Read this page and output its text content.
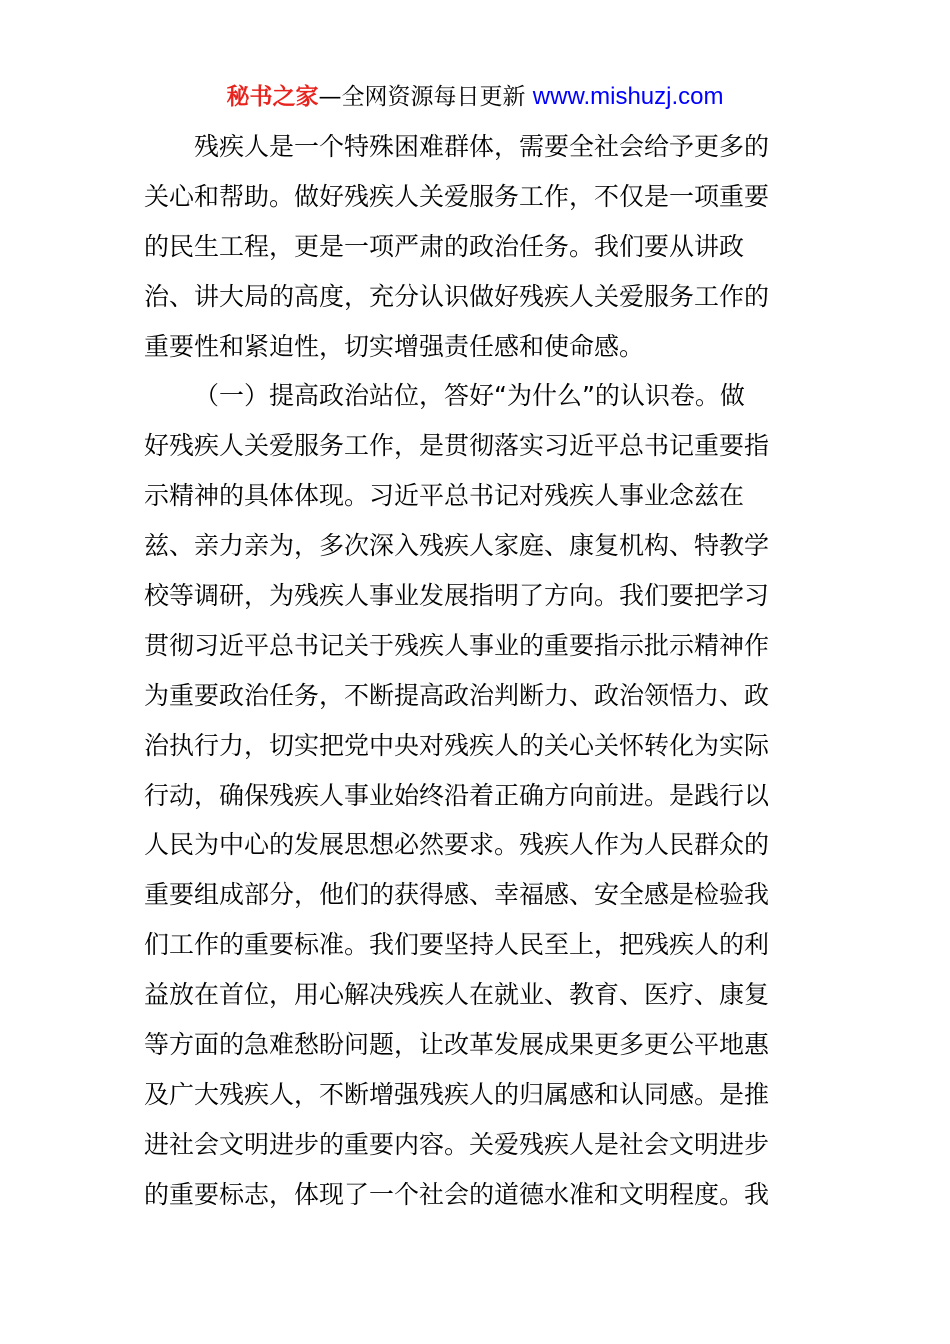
秘书之家—全网资源每日更新 www.mishuzj.com
残疾人是一个特殊困难群体，需要全社会给予更多的
关心和帮助。做好残疾人关爱服务工作，不仅是一项重要
的民生工程，更是一项严肃的政治任务。我们要从讲政
治、讲大局的高度，充分认识做好残疾人关爱服务工作的
重要性和紧迫性，切实增强责任感和使命感。
（一）提高政治站位，答好“为什么”的认识卷。做
好残疾人关爱服务工作，是贯彻落实习近平总书记重要指
示精神的具体体现。习近平总书记对残疾人事业念兹在
兹、亲力亲为，多次深入残疾人家庭、康复机构、特教学
校等调研，为残疾人事业发展指明了方向。我们要把学习
贯彻习近平总书记关于残疾人事业的重要指示批示精神作
为重要政治任务，不断提高政治判断力、政治领悟力、政
治执行力，切实把党中央对残疾人的关心关怀转化为实际
行动，确保残疾人事业始终沿着正确方向前进。是践行以
人民为中心的发展思想必然要求。残疾人作为人民群众的
重要组成部分，他们的获得感、幸福感、安全感是检验我
们工作的重要标准。我们要坚持人民至上，把残疾人的利
益放在首位，用心解决残疾人在就业、教育、医疗、康复
等方面的急难愁盼问题，让改革发展成果更多更公平地惠
及广大残疾人，不断增强残疾人的归属感和认同感。是推
进社会文明进步的重要内容。关爱残疾人是社会文明进步
的重要标志，体现了一个社会的道德水准和文明程度。我
